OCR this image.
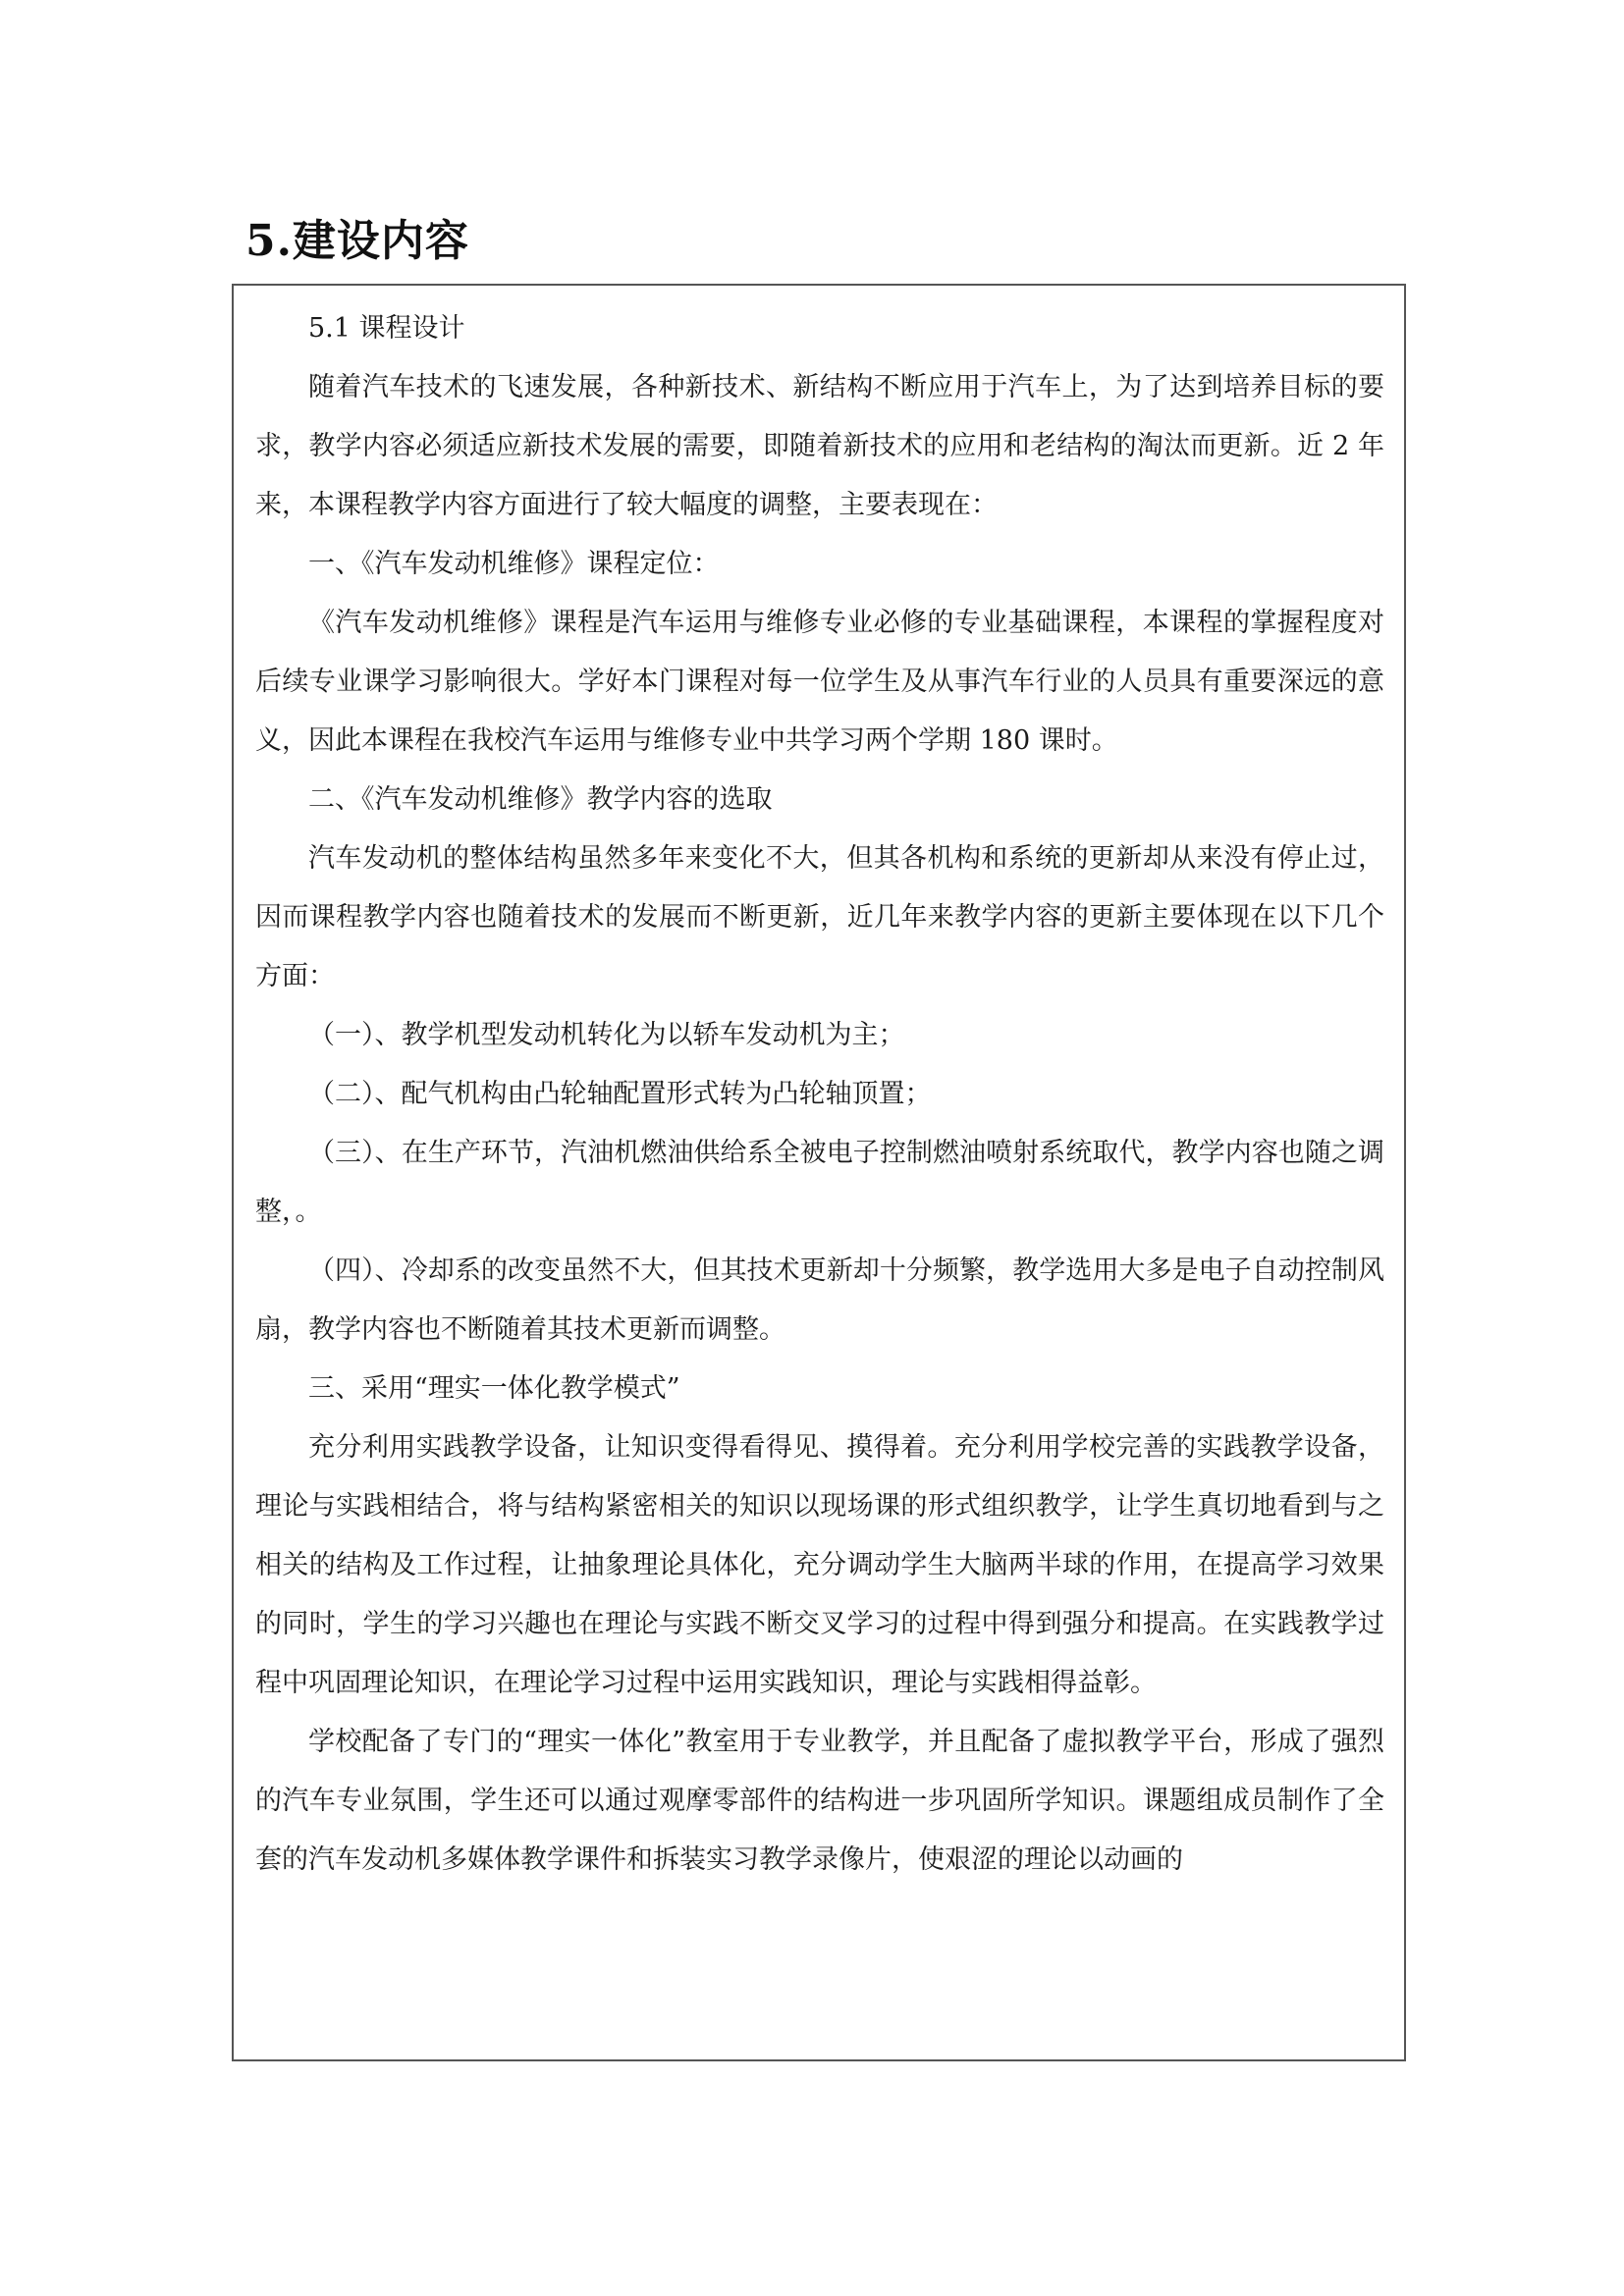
5.建设内容

5.1 课程设计

随着汽车技术的飞速发展，各种新技术、新结构不断应用于汽车上，为了达到培养目标的要求，教学内容必须适应新技术发展的需要，即随着新技术的应用和老结构的淘汰而更新。近 2 年来，本课程教学内容方面进行了较大幅度的调整，主要表现在：

一、《汽车发动机维修》课程定位：

《汽车发动机维修》课程是汽车运用与维修专业必修的专业基础课程，本课程的掌握程度对后续专业课学习影响很大。学好本门课程对每一位学生及从事汽车行业的人员具有重要深远的意义，因此本课程在我校汽车运用与维修专业中共学习两个学期 180 课时。

二、《汽车发动机维修》教学内容的选取

汽车发动机的整体结构虽然多年来变化不大，但其各机构和系统的更新却从来没有停止过，因而课程教学内容也随着技术的发展而不断更新，近几年来教学内容的更新主要体现在以下几个方面：

（一）、教学机型发动机转化为以轿车发动机为主；

（二）、配气机构由凸轮轴配置形式转为凸轮轴顶置；

（三）、在生产环节，汽油机燃油供给系全被电子控制燃油喷射系统取代，教学内容也随之调整，。

（四）、冷却系的改变虽然不大，但其技术更新却十分频繁，教学选用大多是电子自动控制风扇，教学内容也不断随着其技术更新而调整。

三、采用“理实一体化教学模式”

充分利用实践教学设备，让知识变得看得见、摸得着。充分利用学校完善的实践教学设备，理论与实践相结合，将与结构紧密相关的知识以现场课的形式组织教学，让学生真切地看到与之相关的结构及工作过程，让抽象理论具体化，充分调动学生大脑两半球的作用，在提高学习效果的同时，学生的学习兴趣也在理论与实践不断交叉学习的过程中得到强分和提高。在实践教学过程中巩固理论知识，在理论学习过程中运用实践知识，理论与实践相得益彰。

学校配备了专门的“理实一体化”教室用于专业教学，并且配备了虚拟教学平台，形成了强烈的汽车专业氛围，学生还可以通过观摩零部件的结构进一步巩固所学知识。课题组成员制作了全套的汽车发动机多媒体教学课件和拆装实习教学录像片，使艰涩的理论以动画的
